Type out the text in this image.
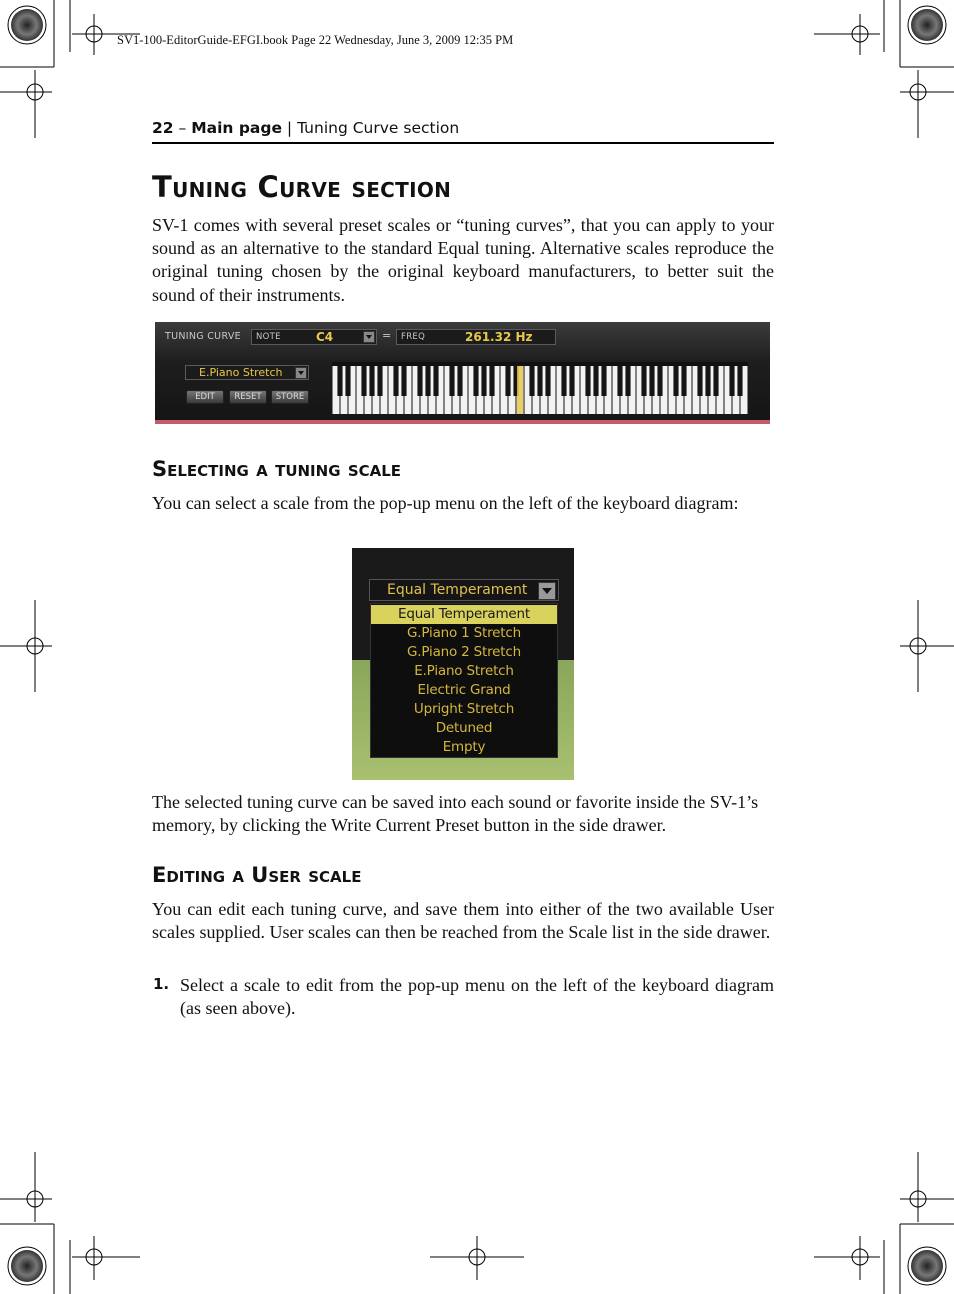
SV1-100-EditorGuide-EFGI.book Page 22 Wednesday, June 3, 2009 12:35 PM
22 – Main page | Tuning Curve section
Tuning Curve section
SV-1 comes with several preset scales or “tuning curves”, that you can apply to your sound as an alternative to the standard Equal tuning. Alternative scales reproduce the original tuning chosen by the original keyboard manufacturers, to better suit the sound of their instruments.
TUNING CURVE NOTE	C4	= FREQ	261.32 Hz
E.Piano Stretch
EDIT	RESET	STORE
Selecting a tuning scale
You can select a scale from the pop-up menu on the left of the keyboard diagram:
Equal Temperament
Equal Temperament
G.Piano 1 Stretch
G.Piano 2 Stretch
E.Piano Stretch
Electric Grand
Upright Stretch
Detuned
Empty
The selected tuning curve can be saved into each sound or favorite inside the SV-1’s memory, by clicking the Write Current Preset button in the side drawer.
Editing a User scale
You can edit each tuning curve, and save them into either of the two available User scales supplied. User scales can then be reached from the Scale list in the side drawer.
1. Select a scale to edit from the pop-up menu on the left of the keyboard diagram (as seen above).
